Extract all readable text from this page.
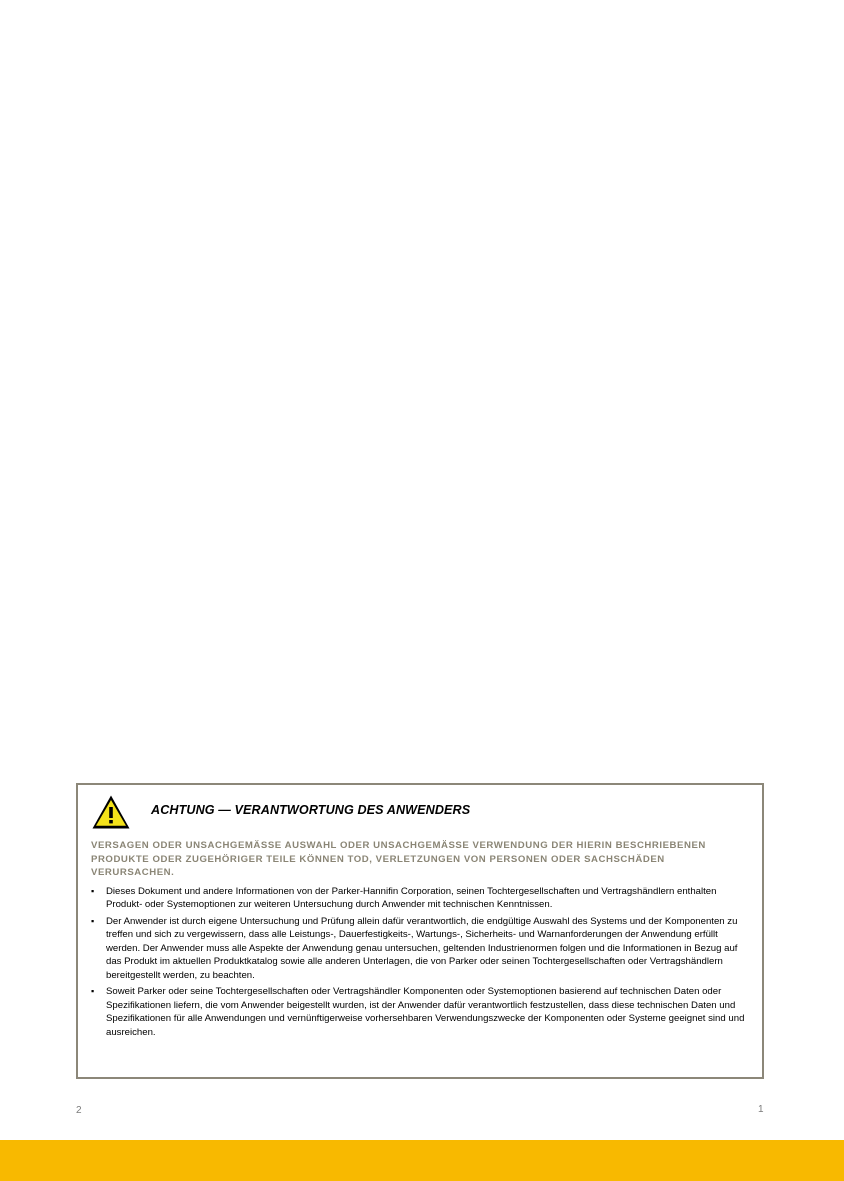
ACHTUNG — VERANTWORTUNG DES ANWENDERS
VERSAGEN ODER UNSACHGEMÄSSE AUSWAHL ODER UNSACHGEMÄSSE VERWENDUNG DER HIERIN BESCHRIEBENEN PRODUKTE ODER ZUGEHÖRIGER TEILE KÖNNEN TOD, VERLETZUNGEN VON PERSONEN ODER SACHSCHÄDEN VERURSACHEN.
▪ Dieses Dokument und andere Informationen von der Parker-Hannifin Corporation, seinen Tochtergesellschaften und Vertragshändlern enthalten Produkt- oder Systemoptionen zur weiteren Untersuchung durch Anwender mit technischen Kenntnissen.
▪ Der Anwender ist durch eigene Untersuchung und Prüfung allein dafür verantwortlich, die endgültige Auswahl des Systems und der Komponenten zu treffen und sich zu vergewissern, dass alle Leistungs-, Dauerfestigkeits-, Wartungs-, Sicherheits- und Warnanforderungen der Anwendung erfüllt werden. Der Anwender muss alle Aspekte der Anwendung genau untersuchen, geltenden Industrienormen folgen und die Informationen in Bezug auf das Produkt im aktuellen Produktkatalog sowie alle anderen Unterlagen, die von Parker oder seinen Tochtergesellschaften oder Vertragshändlern bereitgestellt werden, zu beachten.
▪ Soweit Parker oder seine Tochtergesellschaften oder Vertragshändler Komponenten oder Systemoptionen basierend auf technischen Daten oder Spezifikationen liefern, die vom Anwender beigestellt wurden, ist der Anwender dafür verantwortlich festzustellen, dass diese technischen Daten und Spezifikationen für alle Anwendungen und vernünftigerweise vorhersehbaren Verwendungszwecke der Komponenten oder Systeme geeignet sind und ausreichen.
2	1
